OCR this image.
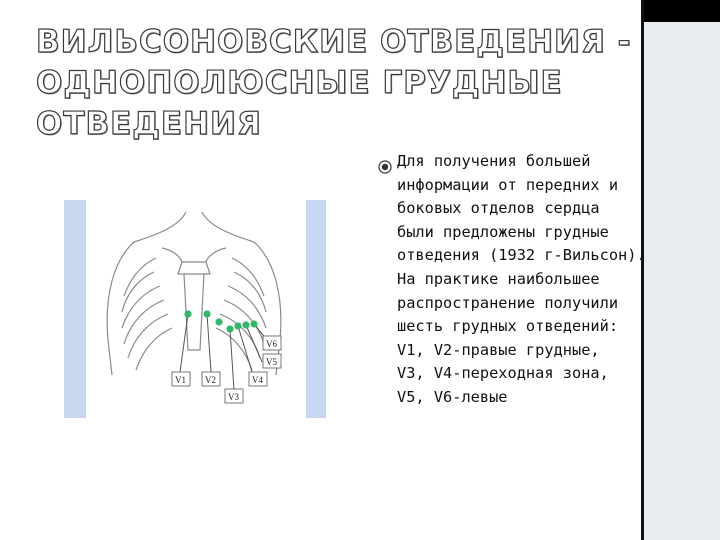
ВИЛЬСОНОВСКИЕ ОТВЕДЕНИЯ -
ОДНОПОЛЮСНЫЕ ГРУДНЫЕ
ОТВЕДЕНИЯ
V1 V2
V3
V4
V5
V6

Для получения большей
информации от передних и
боковых отделов сердца
были предложены грудные
отведения (1932 г-Вильсон).
На практике наибольшее
распространение получили
шесть грудных отведений:
V1, V2-правые грудные,
V3, V4-переходная зона,
V5, V6-левые
